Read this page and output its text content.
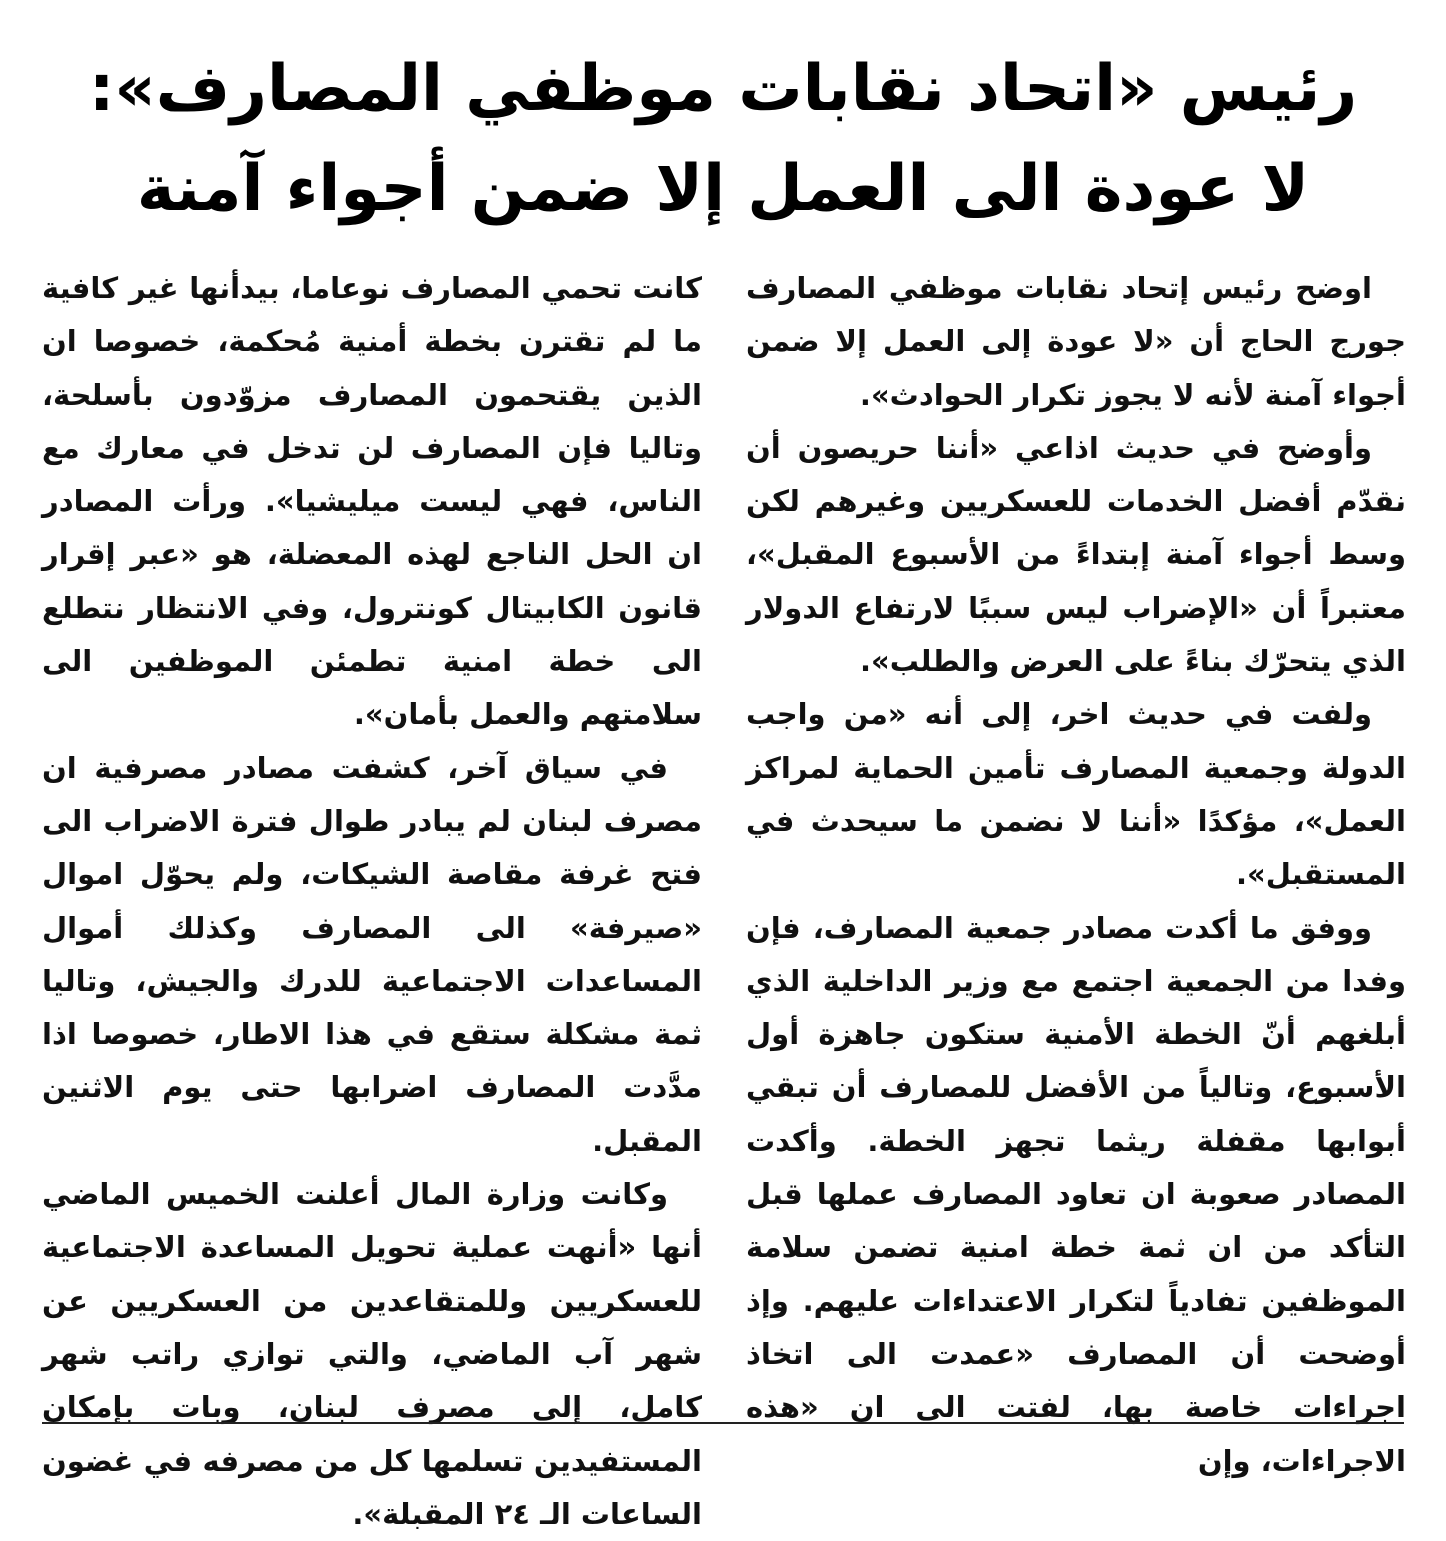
رئيس «اتحاد نقابات موظفي المصارف»:
لا عودة الى العمل إلا ضمن أجواء آمنة

اوضح رئيس إتحاد نقابات موظفي المصارف جورج الحاج أن «لا عودة إلى العمل إلا ضمن أجواء آمنة لأنه لا يجوز تكرار الحوادث».

وأوضح في حديث اذاعي «أننا حريصون أن نقدّم أفضل الخدمات للعسكريين وغيرهم لكن وسط أجواء آمنة إبتداءً من الأسبوع المقبل»، معتبراً أن «الإضراب ليس سببًا لارتفاع الدولار الذي يتحرّك بناءً على العرض والطلب».

ولفت في حديث اخر، إلى أنه «من واجب الدولة وجمعية المصارف تأمين الحماية لمراكز العمل»، مؤكدًا «أننا لا نضمن ما سيحدث في المستقبل».

ووفق ما أكدت مصادر جمعية المصارف، فإن وفدا من الجمعية اجتمع مع وزير الداخلية الذي أبلغهم أنّ الخطة الأمنية ستكون جاهزة أول الأسبوع، وتالياً من الأفضل للمصارف أن تبقي أبوابها مقفلة ريثما تجهز الخطة. وأكدت المصادر صعوبة ان تعاود المصارف عملها قبل التأكد من ان ثمة خطة امنية تضمن سلامة الموظفين تفادياً لتكرار الاعتداءات عليهم. وإذ أوضحت أن المصارف «عمدت الى اتخاذ اجراءات خاصة بها، لفتت الى ان «هذه الاجراءات، وإن

كانت تحمي المصارف نوعاما، بيدأنها غير كافية ما لم تقترن بخطة أمنية مُحكمة، خصوصا ان الذين يقتحمون المصارف مزوّدون بأسلحة، وتاليا فإن المصارف لن تدخل في معارك مع الناس، فهي ليست ميليشيا». ورأت المصادر ان الحل الناجع لهذه المعضلة، هو «عبر إقرار قانون الكابيتال كونترول، وفي الانتظار نتطلع الى خطة امنية تطمئن الموظفين الى سلامتهم والعمل بأمان».

في سياق آخر، كشفت مصادر مصرفية ان مصرف لبنان لم يبادر طوال فترة الاضراب الى فتح غرفة مقاصة الشيكات، ولم يحوّل اموال «صيرفة» الى المصارف وكذلك أموال المساعدات الاجتماعية للدرك والجيش، وتاليا ثمة مشكلة ستقع في هذا الاطار، خصوصا اذا مدَّدت المصارف اضرابها حتى يوم الاثنين المقبل.

وكانت وزارة المال أعلنت الخميس الماضي أنها «أنهت عملية تحويل المساعدة الاجتماعية للعسكريين وللمتقاعدين من العسكريين عن شهر آب الماضي، والتي توازي راتب شهر كامل، إلى مصرف لبنان، وبات بإمكان المستفيدين تسلمها كل من مصرفه في غضون الساعات الـ ٢٤ المقبلة».
